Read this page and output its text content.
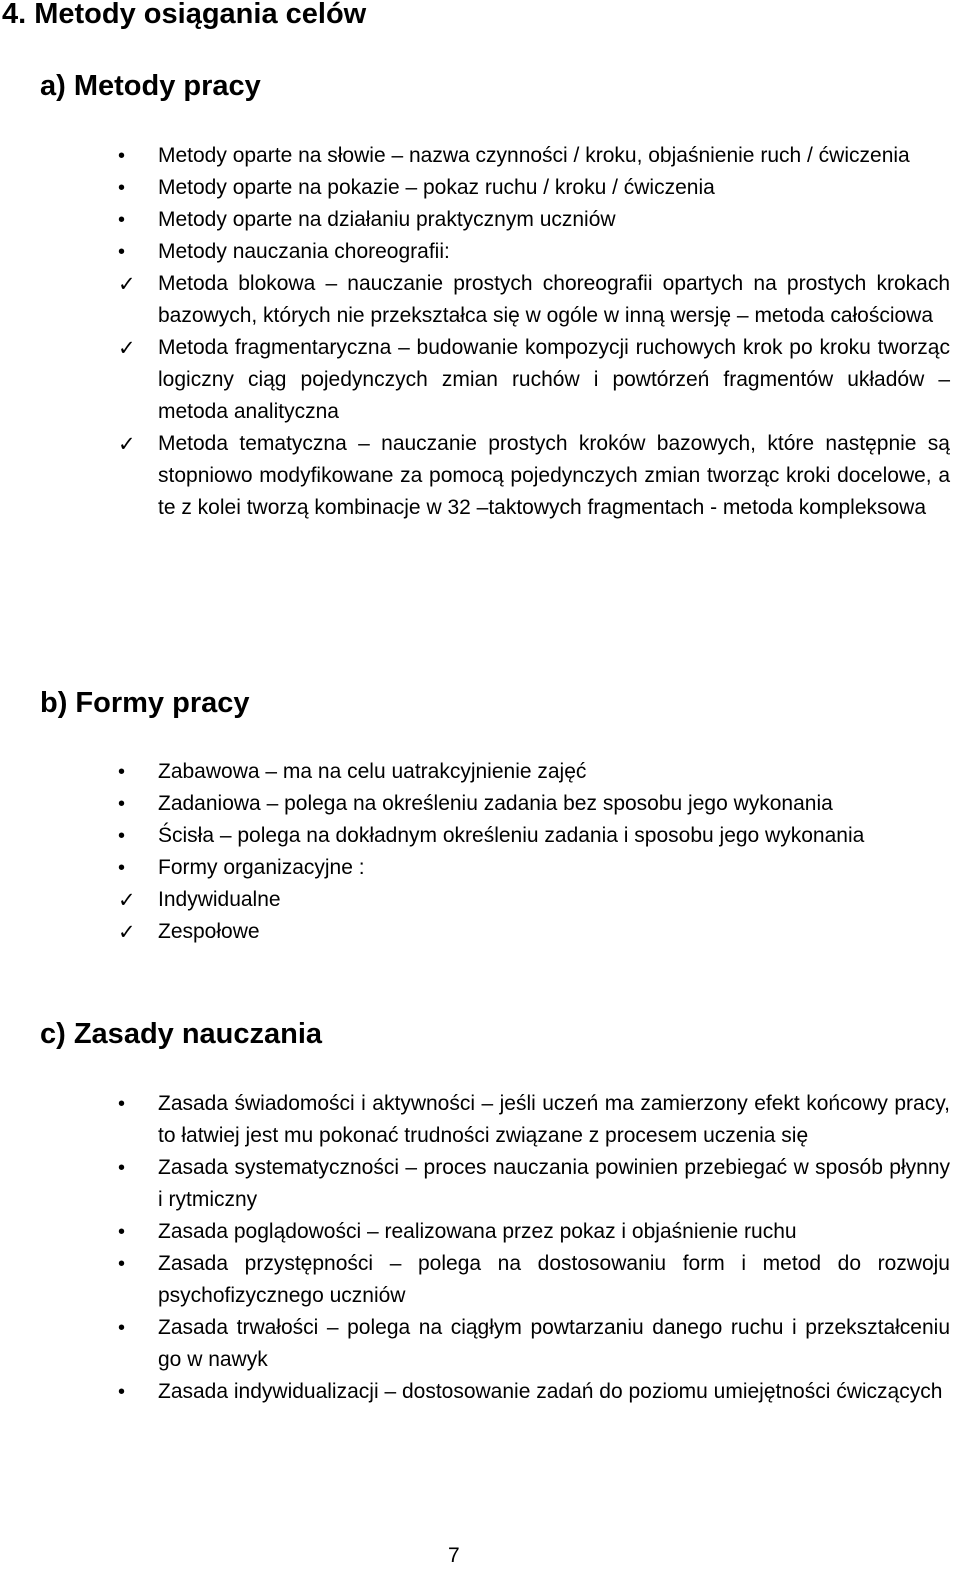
4. Metody osiągania celów
a) Metody pracy
• Metody oparte na słowie – nazwa czynności / kroku, objaśnienie ruch / ćwiczenia
• Metody oparte na pokazie – pokaz ruchu / kroku / ćwiczenia
• Metody oparte na działaniu praktycznym uczniów
• Metody nauczania choreografii:
✓ Metoda blokowa – nauczanie prostych choreografii opartych na prostych krokach bazowych, których nie przekształca się w ogóle w inną wersję – metoda całościowa
✓ Metoda fragmentaryczna – budowanie kompozycji ruchowych krok po kroku tworząc logiczny ciąg pojedynczych zmian ruchów i powtórzeń fragmentów układów – metoda analityczna
✓ Metoda tematyczna – nauczanie prostych kroków bazowych, które następnie są stopniowo modyfikowane za pomocą pojedynczych zmian tworząc kroki docelowe, a te z kolei tworzą kombinacje w 32 –taktowych fragmentach - metoda kompleksowa
b) Formy pracy
• Zabawowa – ma na celu uatrakcyjnienie zajęć
• Zadaniowa – polega na określeniu zadania bez sposobu jego wykonania
• Ścisła – polega na dokładnym określeniu zadania i sposobu jego wykonania
• Formy organizacyjne :
✓ Indywidualne
✓ Zespołowe
c) Zasady nauczania
• Zasada świadomości i aktywności – jeśli uczeń ma zamierzony efekt końcowy pracy, to łatwiej jest mu pokonać trudności związane z procesem uczenia się
• Zasada systematyczności – proces nauczania powinien przebiegać w sposób płynny i rytmiczny
• Zasada poglądowości – realizowana przez pokaz i objaśnienie ruchu
• Zasada przystępności – polega na dostosowaniu form i metod do rozwoju psychofizycznego uczniów
• Zasada trwałości – polega na ciągłym powtarzaniu danego ruchu i przekształceniu go w nawyk
• Zasada indywidualizacji – dostosowanie zadań do poziomu umiejętności ćwiczących
7
